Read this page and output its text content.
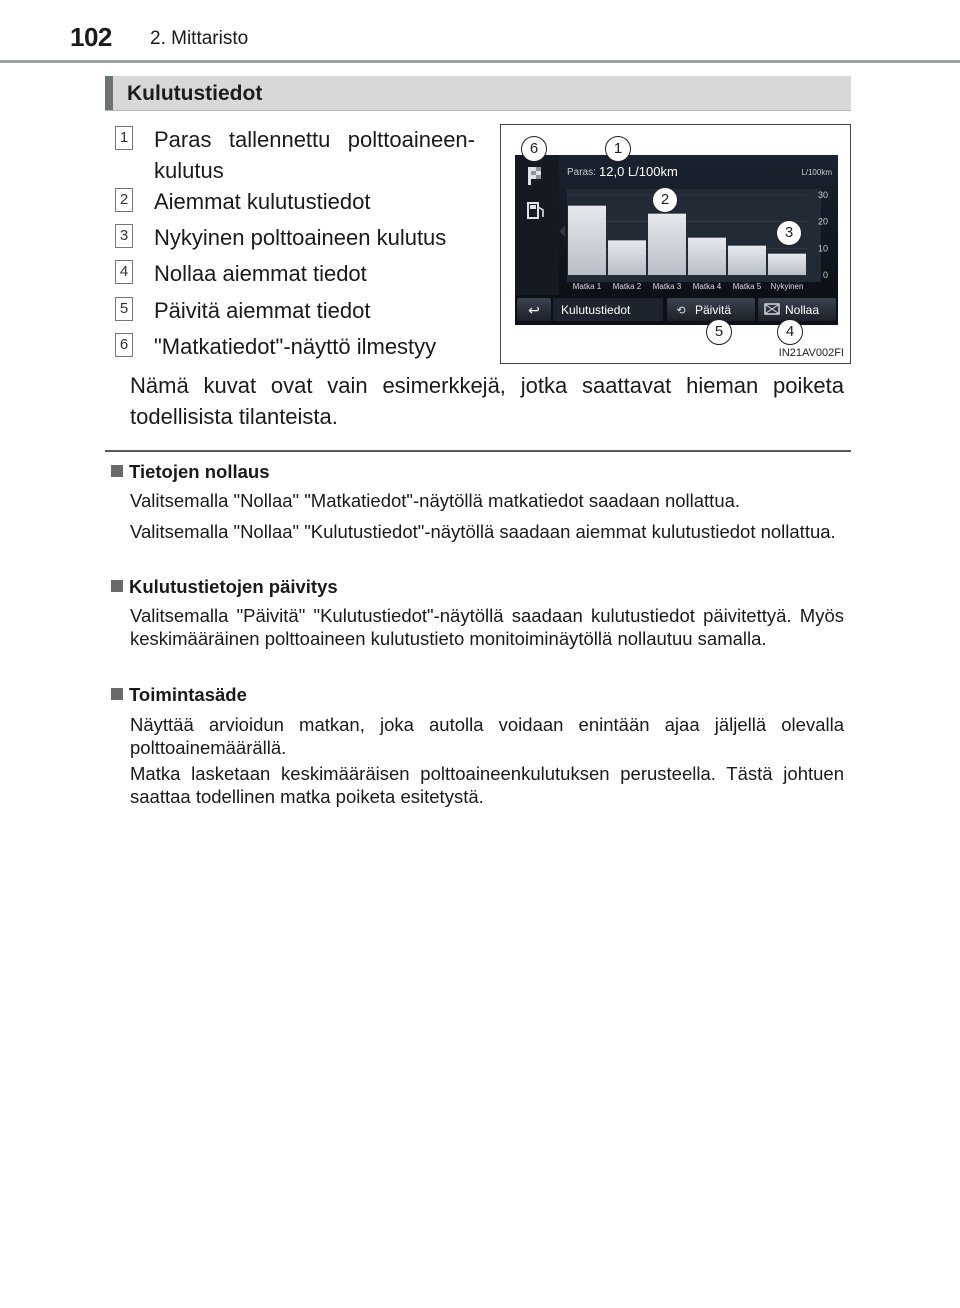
102 2. Mittaristo
Kulutustiedot
1 Paras tallennettu polttoaineen-kulutus
2 Aiemmat kulutustiedot
3 Nykyinen polttoaineen kulutus
4 Nollaa aiemmat tiedot
5 Päivitä aiemmat tiedot
6 "Matkatiedot"-näyttö ilmestyy
Paras: 12,0 L/100km	L/100km
0
10
20
30
Matka 1 Matka 2 Matka 3 Matka 4 Matka 5 Nykyinen
↩ Kulutustiedot	⟲ Päivitä	Nollaa
6	1
2
3
5	4
IN21AV002FI
Nämä kuvat ovat vain esimerkkejä, jotka saattavat hieman poiketa todellisista tilanteista.
Tietojen nollaus
Valitsemalla "Nollaa" "Matkatiedot"-näytöllä matkatiedot saadaan nollattua.
Valitsemalla "Nollaa" "Kulutustiedot"-näytöllä saadaan aiemmat kulutustiedot nollattua.
Kulutustietojen päivitys
Valitsemalla "Päivitä" "Kulutustiedot"-näytöllä saadaan kulutustiedot päivitettyä. Myös keskimääräinen polttoaineen kulutustieto monitoiminäytöllä nollautuu samalla.
Toimintasäde
Näyttää arvioidun matkan, joka autolla voidaan enintään ajaa jäljellä olevalla polttoainemäärällä.
Matka lasketaan keskimääräisen polttoaineenkulutuksen perusteella. Tästä johtuen saattaa todellinen matka poiketa esitetystä.
